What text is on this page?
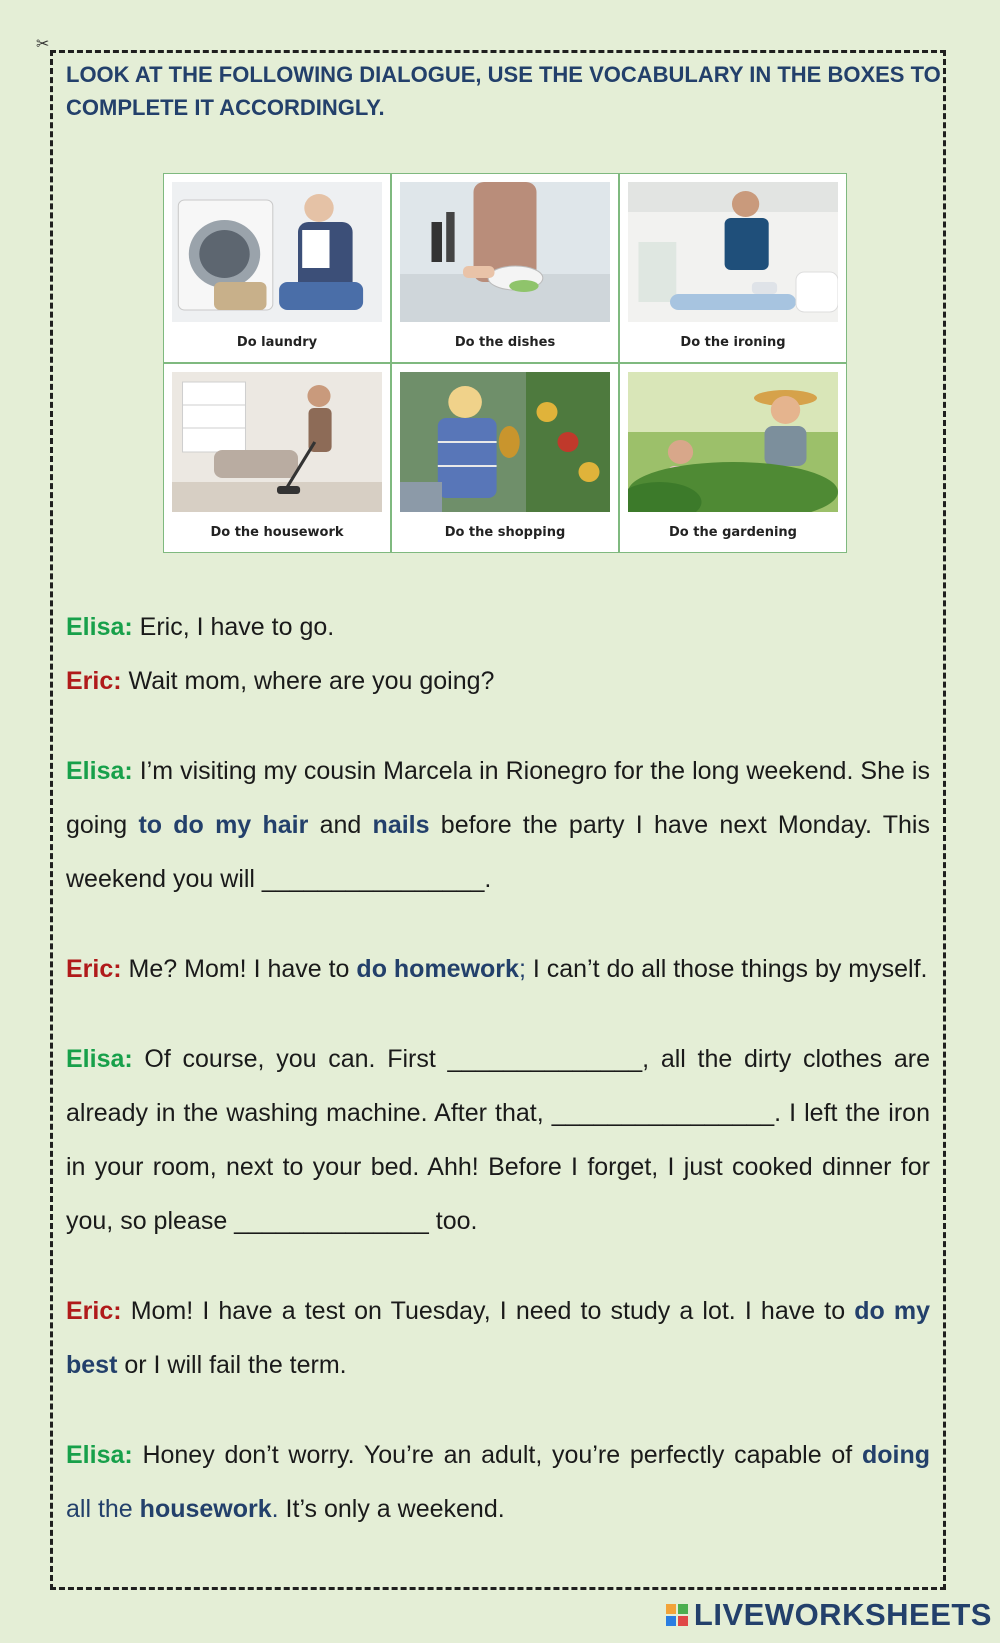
✂
LOOK AT THE FOLLOWING DIALOGUE, USE THE VOCABULARY IN THE BOXES TO COMPLETE IT ACCORDINGLY.
Do laundry	Do the dishes	Do the ironing
Do the housework	Do the shopping	Do the gardening

Elisa: Eric, I have to go.

Eric: Wait mom, where are you going?

Elisa: I’m visiting my cousin Marcela in Rionegro for the long weekend. She is going to do my hair and nails before the party I have next Monday. This weekend you will ________________.

Eric: Me? Mom! I have to do homework; I can’t do all those things by myself.

Elisa: Of course, you can. First ______________, all the dirty clothes are already in the washing machine. After that, ________________. I left the iron in your room, next to your bed. Ahh! Before I forget, I just cooked dinner for you, so please ______________ too.

Eric: Mom! I have a test on Tuesday, I need to study a lot. I have to do my best or I will fail the term.

Elisa: Honey don’t worry. You’re an adult, you’re perfectly capable of doing all the housework. It’s only a weekend.

LIVEWORKSHEETS
